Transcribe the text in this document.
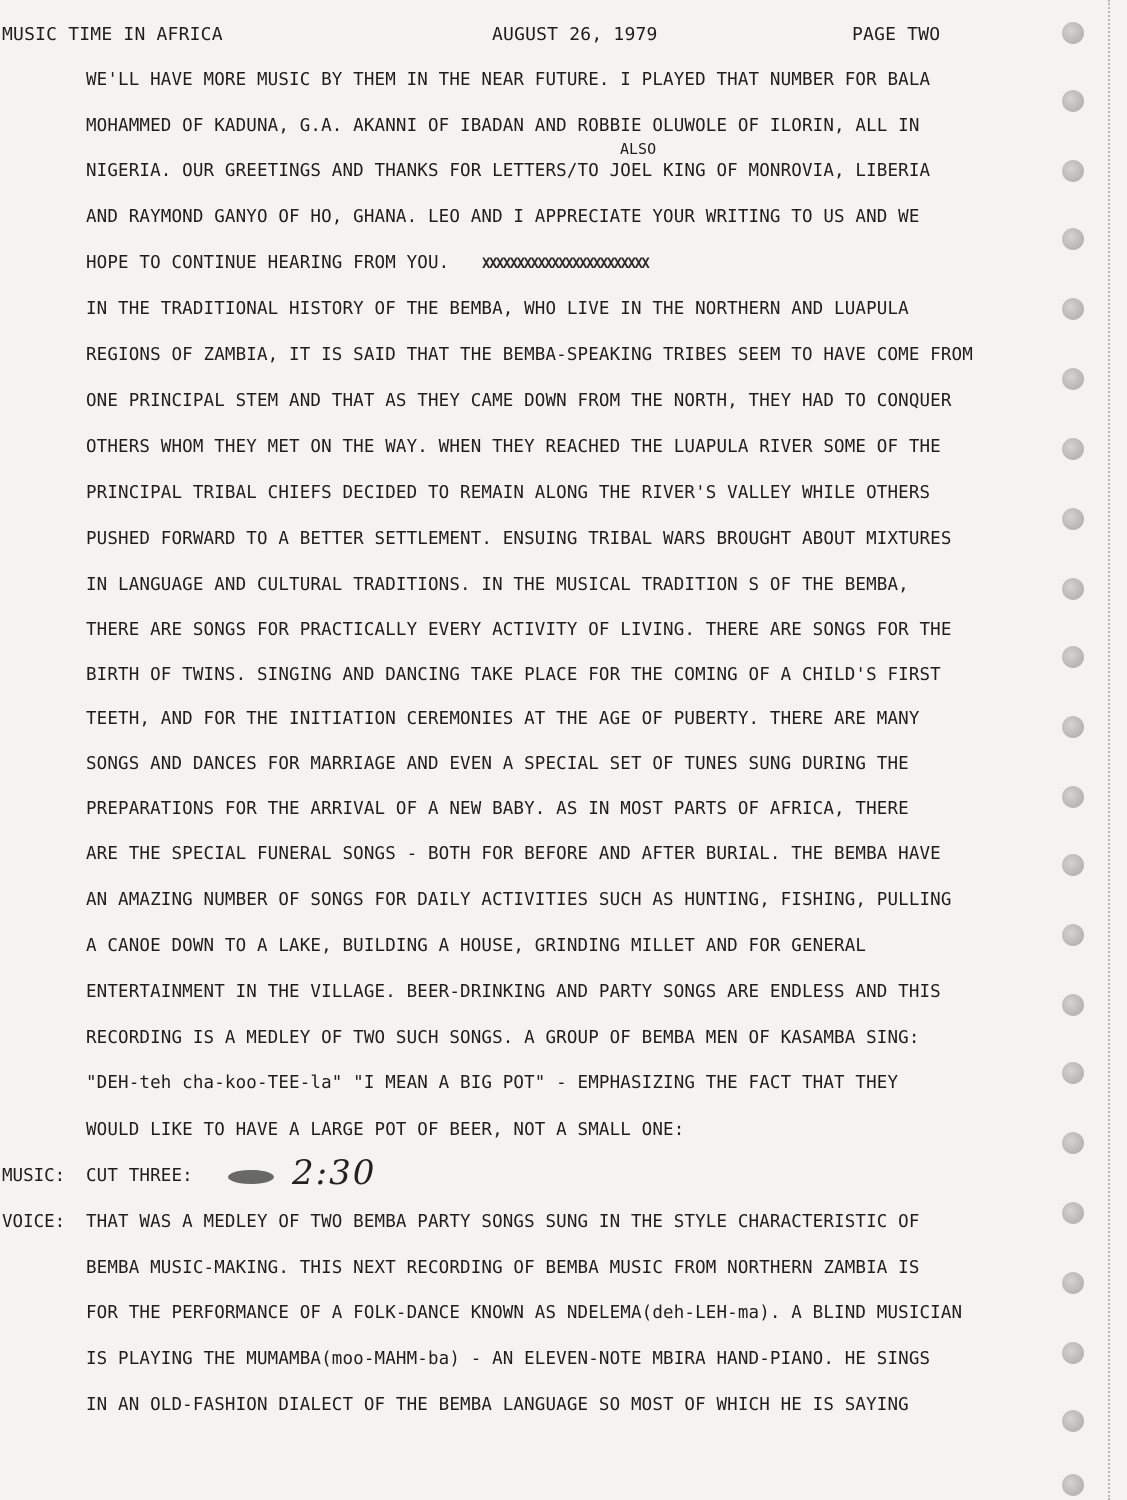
MUSIC TIME IN AFRICA	AUGUST 26, 1979	PAGE TWO
ALSO
WE'LL HAVE MORE MUSIC BY THEM IN THE NEAR FUTURE. I PLAYED THAT NUMBER FOR BALA
MOHAMMED OF KADUNA, G.A. AKANNI OF IBADAN AND ROBBIE OLUWOLE OF ILORIN, ALL IN
NIGERIA. OUR GREETINGS AND THANKS FOR LETTERS/TO JOEL KING OF MONROVIA, LIBERIA
AND RAYMOND GANYO OF HO, GHANA. LEO AND I APPRECIATE YOUR WRITING TO US AND WE
HOPE TO CONTINUE HEARING FROM YOU. XXXXXXXXXXXXXXXXXXXXXXXX
IN THE TRADITIONAL HISTORY OF THE BEMBA, WHO LIVE IN THE NORTHERN AND LUAPULA
REGIONS OF ZAMBIA, IT IS SAID THAT THE BEMBA-SPEAKING TRIBES SEEM TO HAVE COME FROM
ONE PRINCIPAL STEM AND THAT AS THEY CAME DOWN FROM THE NORTH, THEY HAD TO CONQUER
OTHERS WHOM THEY MET ON THE WAY. WHEN THEY REACHED THE LUAPULA RIVER SOME OF THE
PRINCIPAL TRIBAL CHIEFS DECIDED TO REMAIN ALONG THE RIVER'S VALLEY WHILE OTHERS
PUSHED FORWARD TO A BETTER SETTLEMENT. ENSUING TRIBAL WARS BROUGHT ABOUT MIXTURES
IN LANGUAGE AND CULTURAL TRADITIONS. IN THE MUSICAL TRADITION S OF THE BEMBA,
THERE ARE SONGS FOR PRACTICALLY EVERY ACTIVITY OF LIVING. THERE ARE SONGS FOR THE
BIRTH OF TWINS. SINGING AND DANCING TAKE PLACE FOR THE COMING OF A CHILD'S FIRST
TEETH, AND FOR THE INITIATION CEREMONIES AT THE AGE OF PUBERTY. THERE ARE MANY
SONGS AND DANCES FOR MARRIAGE AND EVEN A SPECIAL SET OF TUNES SUNG DURING THE
PREPARATIONS FOR THE ARRIVAL OF A NEW BABY. AS IN MOST PARTS OF AFRICA, THERE
ARE THE SPECIAL FUNERAL SONGS - BOTH FOR BEFORE AND AFTER BURIAL. THE BEMBA HAVE
AN AMAZING NUMBER OF SONGS FOR DAILY ACTIVITIES SUCH AS HUNTING, FISHING, PULLING
A CANOE DOWN TO A LAKE, BUILDING A HOUSE, GRINDING MILLET AND FOR GENERAL
ENTERTAINMENT IN THE VILLAGE. BEER-DRINKING AND PARTY SONGS ARE ENDLESS AND THIS
RECORDING IS A MEDLEY OF TWO SUCH SONGS. A GROUP OF BEMBA MEN OF KASAMBA SING:
"DEH-teh cha-koo-TEE-la" "I MEAN A BIG POT" - EMPHASIZING THE FACT THAT THEY
WOULD LIKE TO HAVE A LARGE POT OF BEER, NOT A SMALL ONE:
MUSIC: CUT THREE:	2:30
VOICE: THAT WAS A MEDLEY OF TWO BEMBA PARTY SONGS SUNG IN THE STYLE CHARACTERISTIC OF
BEMBA MUSIC-MAKING. THIS NEXT RECORDING OF BEMBA MUSIC FROM NORTHERN ZAMBIA IS
FOR THE PERFORMANCE OF A FOLK-DANCE KNOWN AS NDELEMA(deh-LEH-ma). A BLIND MUSICIAN
IS PLAYING THE MUMAMBA(moo-MAHM-ba) - AN ELEVEN-NOTE MBIRA HAND-PIANO. HE SINGS
IN AN OLD-FASHION DIALECT OF THE BEMBA LANGUAGE SO MOST OF WHICH HE IS SAYING
